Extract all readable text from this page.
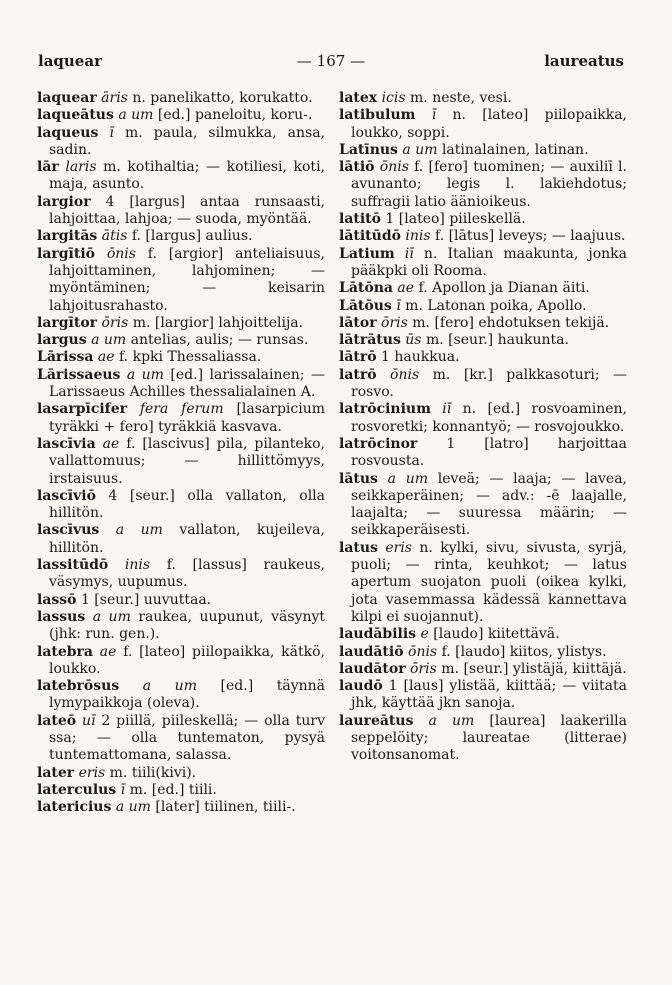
laquear	— 167 —	laureatus

laquear āris n. panelikatto, korukatto.

laqueātus a um [ed.] paneloitu, koru-.

laqueus ī m. paula, silmukka, ansa, sadin.

lār laris m. kotihaltia; — kotiliesi, koti, maja, asunto.

largior 4 [largus] antaa runsaasti, lahjoittaa, lahjoa; — suoda, myöntää.

largitās ātis f. [largus] aulius.

largītiō ōnis f. [argior] anteliaisuus, lahjoittaminen, lahjominen; — myöntäminen; — keisarin lahjoitusrahasto.

largītor ōris m. [largior] lahjoittelija.

largus a um antelias, aulis; — runsas.

Lārissa ae f. kpki Thessaliassa.

Lārissaeus a um [ed.] larissalainen; — Larissaeus Achilles thessalialainen A.

lasarpīcifer fera ferum [lasarpicium tyräkki + fero] tyräkkiä kasvava.

lascīvia ae f. [lascivus] pila, pilanteko, vallattomuus; — hillittömyys, irstaisuus.

lascīviō 4 [seur.] olla vallaton, olla hillitön.

lascīvus a um vallaton, kujeileva, hillitön.

lassitūdō inis f. [lassus] raukeus, väsymys, uupumus.

lassō 1 [seur.] uuvuttaa.

lassus a um raukea, uupunut, väsynyt (jhk: run. gen.).

latebra ae f. [lateo] piilopaikka, kätkö, loukko.

latebrōsus a um [ed.] täynnä lymypaikkoja (oleva).

lateō uī 2 piillä, piileskellä; — olla turv ssa; — olla tuntematon, pysyä tuntemattomana, salassa.

later eris m. tiili(kivi).

laterculus ī m. [ed.] tiili.

latericius a um [later] tiilinen, tiili-.

latex icis m. neste, vesi.

latibulum ī n. [lateo] piilopaikka, loukko, soppi.

Latīnus a um latinalainen, latinan.

lātiō ōnis f. [fero] tuominen; — auxiliī l. avunanto; legis l. lakiehdotus; suffragii latio äänioikeus.

latitō 1 [lateo] piileskellä.

lātitūdō inis f. [lātus] leveys; — laajuus.

Latium iī n. Italian maakunta, jonka pääkpki oli Rooma.

Lātōna ae f. Apollon ja Dianan äiti.

Lātōus ī m. Latonan poika, Apollo.

lātor ōris m. [fero] ehdotuksen tekijä.

lātrātus ūs m. [seur.] haukunta.

lātrō 1 haukkua.

latrō ōnis m. [kr.] palkkasoturi; — rosvo.

latrōcinium iī n. [ed.] rosvoaminen, rosvoretki; konnantyö; — rosvojoukko.

latrōcinor 1 [latro] harjoittaa rosvousta.

lātus a um leveä; — laaja; — lavea, seikkaperäinen; — adv.: -ē laajalle, laajalta; — suuressa määrin; — seikkaperäisesti.

latus eris n. kylki, sivu, sivusta, syrjä, puoli; — rinta, keuhkot; — latus apertum suojaton puoli (oikea kylki, jota vasemmassa kädessä kannettava kilpi ei suojannut).

laudābilis e [laudo] kiitettävä.

laudātiō ōnis f. [laudo] kiitos, ylistys.

laudātor ōris m. [seur.] ylistäjä, kiittäjä.

laudō 1 [laus] ylistää, kiittää; — viitata jhk, käyttää jkn sanoja.

laureātus a um [laurea] laakerilla seppelöity; laureatae (litterae) voitonsanomat.
